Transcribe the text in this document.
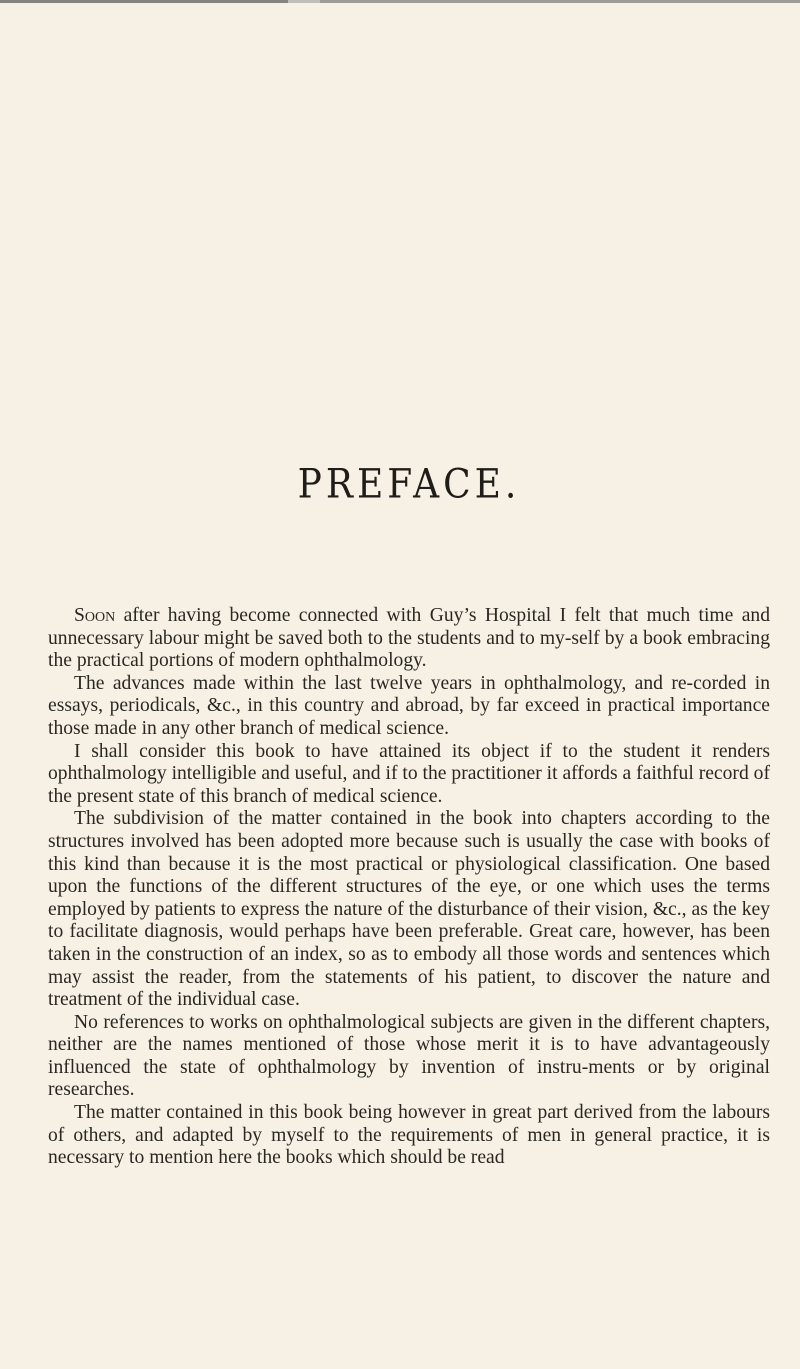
PREFACE.

Soon after having become connected with Guy’s Hospital I felt that much time and unnecessary labour might be saved both to the students and to my-self by a book embracing the practical portions of modern ophthalmology.

The advances made within the last twelve years in ophthalmology, and re-corded in essays, periodicals, &c., in this country and abroad, by far exceed in practical importance those made in any other branch of medical science.

I shall consider this book to have attained its object if to the student it renders ophthalmology intelligible and useful, and if to the practitioner it affords a faithful record of the present state of this branch of medical science.

The subdivision of the matter contained in the book into chapters according to the structures involved has been adopted more because such is usually the case with books of this kind than because it is the most practical or physiological classification. One based upon the functions of the different structures of the eye, or one which uses the terms employed by patients to express the nature of the disturbance of their vision, &c., as the key to facilitate diagnosis, would perhaps have been preferable. Great care, however, has been taken in the construction of an index, so as to embody all those words and sentences which may assist the reader, from the statements of his patient, to discover the nature and treatment of the individual case.

No references to works on ophthalmological subjects are given in the different chapters, neither are the names mentioned of those whose merit it is to have advantageously influenced the state of ophthalmology by invention of instru-ments or by original researches.

The matter contained in this book being however in great part derived from the labours of others, and adapted by myself to the requirements of men in general practice, it is necessary to mention here the books which should be read
